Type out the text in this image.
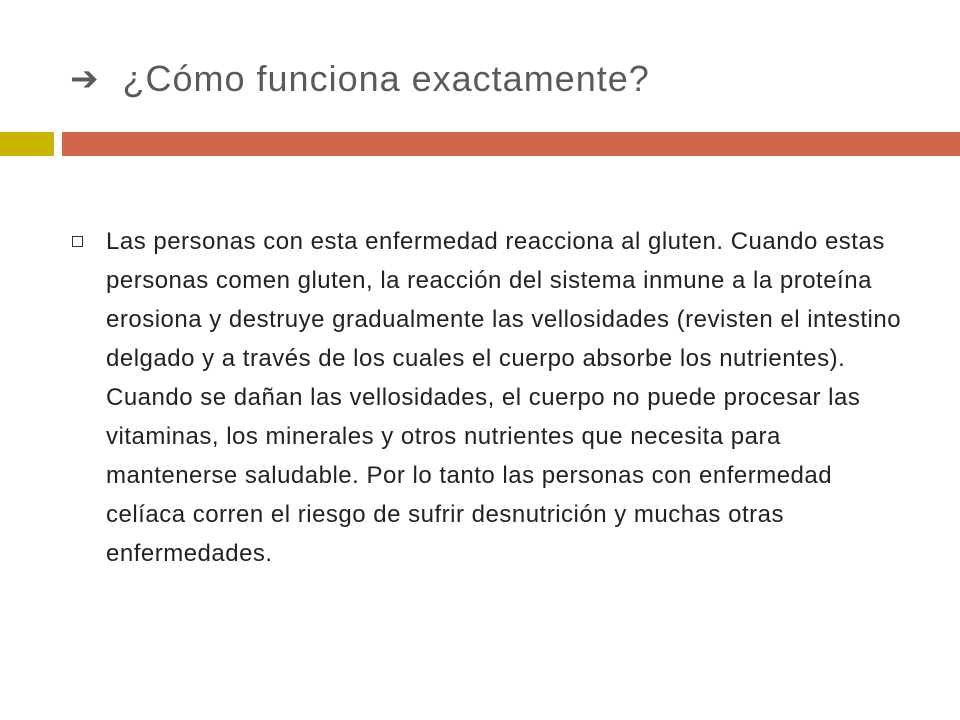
➔ ¿Cómo funciona exactamente?
Las personas con esta enfermedad reacciona al gluten. Cuando estas personas comen gluten, la reacción del sistema inmune a la proteína erosiona y destruye gradualmente las vellosidades (revisten el intestino delgado y a través de los cuales el cuerpo absorbe los nutrientes). Cuando se dañan las vellosidades, el cuerpo no puede procesar las vitaminas, los minerales y otros nutrientes que necesita para mantenerse saludable. Por lo tanto las personas con enfermedad celíaca corren el riesgo de sufrir desnutrición y muchas otras enfermedades.
